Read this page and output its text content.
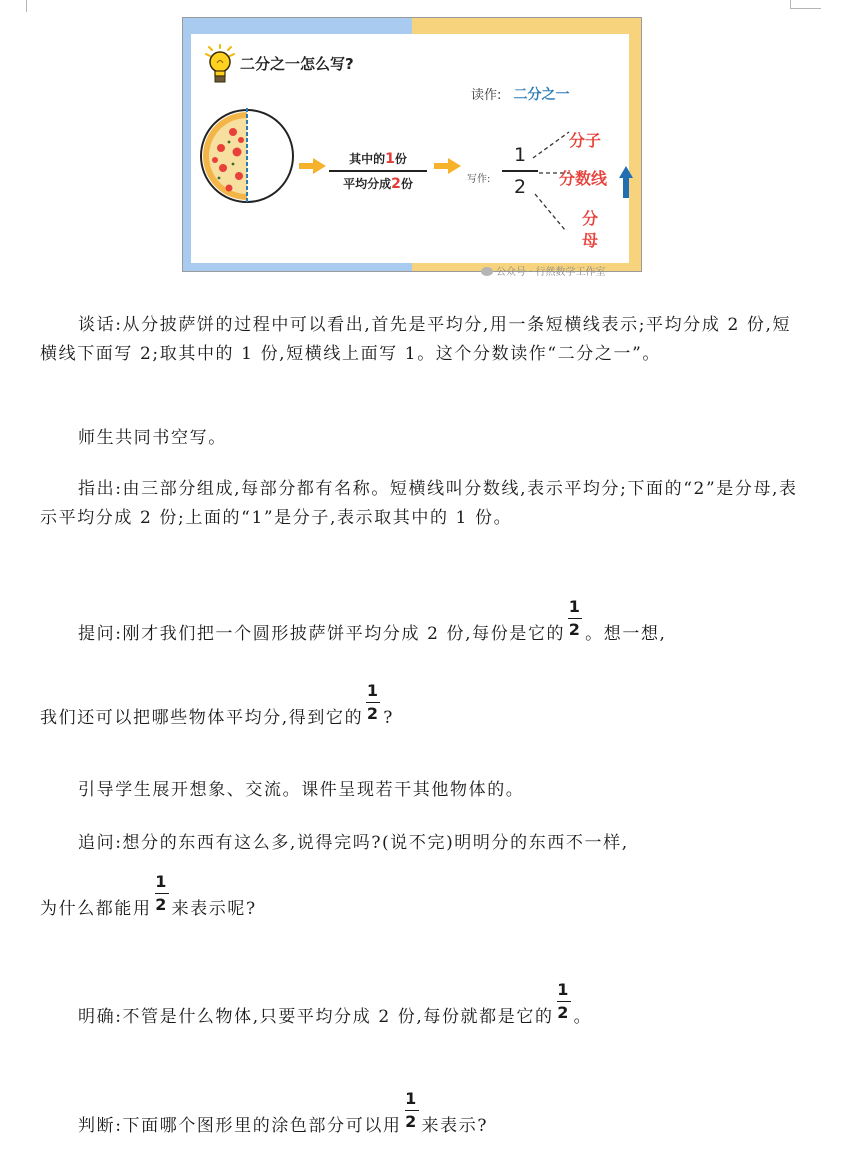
二分之一怎么写?
读作: 二分之一
其中的1份
平均分成2份	写作:
1
2
分子
分数线
分
母
公众号 · 行然数学工作室
谈话:从分披萨饼的过程中可以看出,首先是平均分,用一条短横线表示;平均分成 2 份,短横线下面写 2;取其中的 1 份,短横线上面写 1。这个分数读作“二分之一”。
师生共同书空写。
指出:由三部分组成,每部分都有名称。短横线叫分数线,表示平均分;下面的“2”是分母,表示平均分成 2 份;上面的“1”是分子,表示取其中的 1 份。
提问:刚才我们把一个圆形披萨饼平均分成 2 份,每份是它的 $\frac{1}{2}$ 。想一想,
我们还可以把哪些物体平均分,得到它的 $\frac{1}{2}$ ?
引导学生展开想象、交流。课件呈现若干其他物体的。
追问:想分的东西有这么多,说得完吗?(说不完)明明分的东西不一样,
为什么都能用 $\frac{1}{2}$ 来表示呢?
明确:不管是什么物体,只要平均分成 2 份,每份就都是它的 $\frac{1}{2}$ 。
判断:下面哪个图形里的涂色部分可以用 $\frac{1}{2}$ 来表示?
